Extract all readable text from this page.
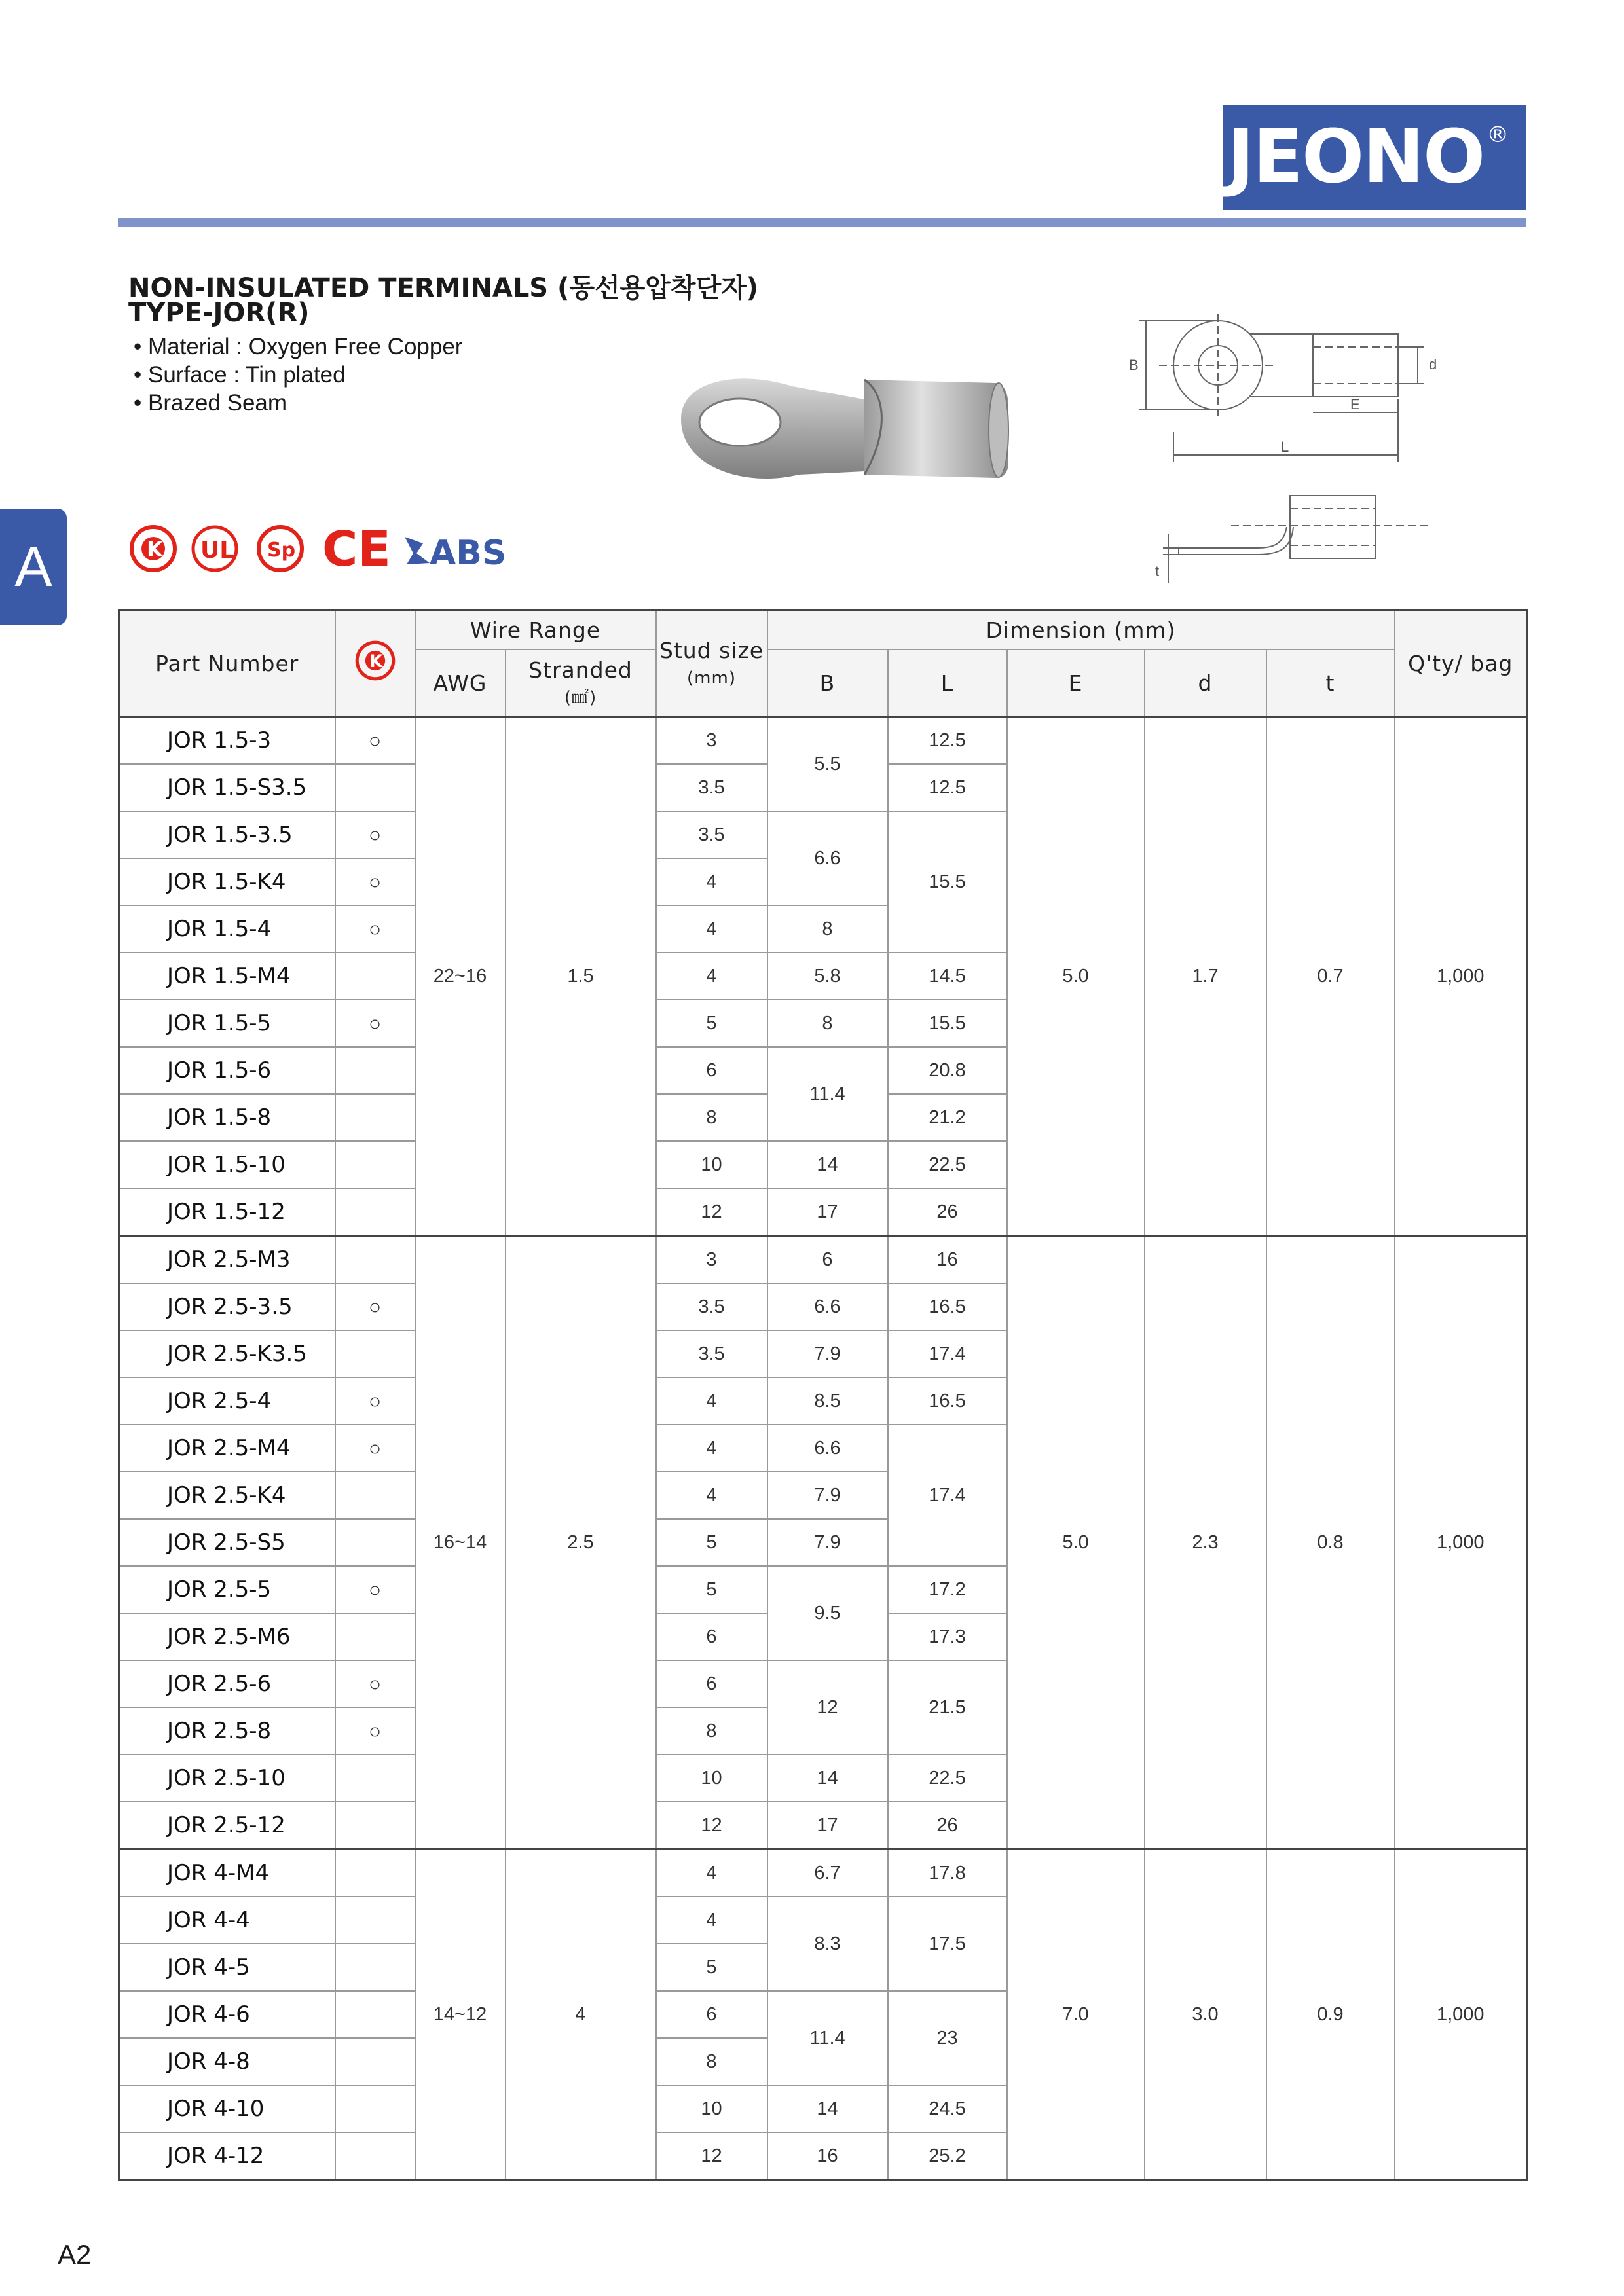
JEONO®
A
NON-INSULATED TERMINALS (동선용압착단자)
TYPE-JOR(R)
• Material : Oxygen Free Copper
• Surface : Tin plated
• Brazed Seam
B	d
E
L
t
K UL Sp CE ABS
Part Number	K	Wire Range		Stud size
(mm)	Dimension (mm)					Q'ty/ bag
		AWG	Stranded
(㎟)							
					B	L	E	d	t	
JOR 1.5-3	○	22~16	1.5	3	5.5	12.5	5.0	1.7	0.7	1,000
JOR 1.5-S3.5				3.5		12.5				
JOR 1.5-3.5	○			3.5	6.6	15.5				
JOR 1.5-K4	○			4						
JOR 1.5-4	○			4	8					
JOR 1.5-M4				4	5.8	14.5				
JOR 1.5-5	○			5	8	15.5				
JOR 1.5-6				6	11.4	20.8				
JOR 1.5-8				8		21.2				
JOR 1.5-10				10	14	22.5				
JOR 1.5-12				12	17	26				
JOR 2.5-M3		16~14	2.5	3	6	16	5.0	2.3	0.8	1,000
JOR 2.5-3.5	○			3.5	6.6	16.5				
JOR 2.5-K3.5				3.5	7.9	17.4				
JOR 2.5-4	○			4	8.5	16.5				
JOR 2.5-M4	○			4	6.6	17.4				
JOR 2.5-K4				4	7.9					
JOR 2.5-S5				5	7.9					
JOR 2.5-5	○			5	9.5	17.2				
JOR 2.5-M6				6		17.3				
JOR 2.5-6	○			6	12	21.5				
JOR 2.5-8	○			8						
JOR 2.5-10				10	14	22.5				
JOR 2.5-12				12	17	26				
JOR 4-M4		14~12	4	4	6.7	17.8	7.0	3.0	0.9	1,000
JOR 4-4				4	8.3	17.5				
JOR 4-5				5						
JOR 4-6				6	11.4	23				
JOR 4-8				8						
JOR 4-10				10	14	24.5				
JOR 4-12				12	16	25.2				
A2
